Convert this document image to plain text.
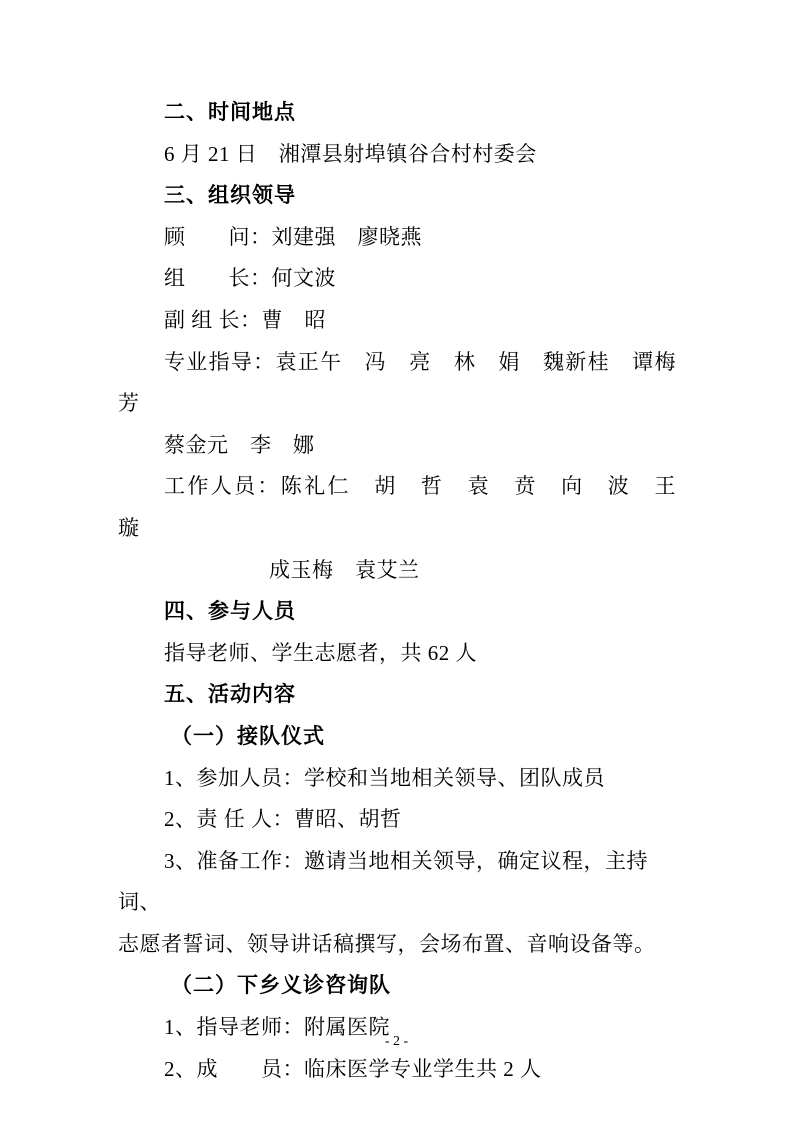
二、时间地点
6 月 21 日　湘潭县射埠镇谷合村村委会
三、组织领导
顾　　问：刘建强　廖晓燕
组　　长：何文波
副 组 长：曹　昭
专业指导：袁正午　冯　亮　林　娟　魏新桂　谭梅芳
蔡金元　李　娜
工作人员：陈礼仁　胡　哲　袁　贲　向　波　王　璇
成玉梅　袁艾兰
四、参与人员
指导老师、学生志愿者，共 62 人
五、活动内容
（一）接队仪式
1、参加人员：学校和当地相关领导、团队成员
2、责 任 人：曹昭、胡哲
3、准备工作：邀请当地相关领导，确定议程，主持词、
志愿者誓词、领导讲话稿撰写，会场布置、音响设备等。
（二）下乡义诊咨询队
1、指导老师：附属医院
2、成　　员：临床医学专业学生共 2 人
- 2 -
